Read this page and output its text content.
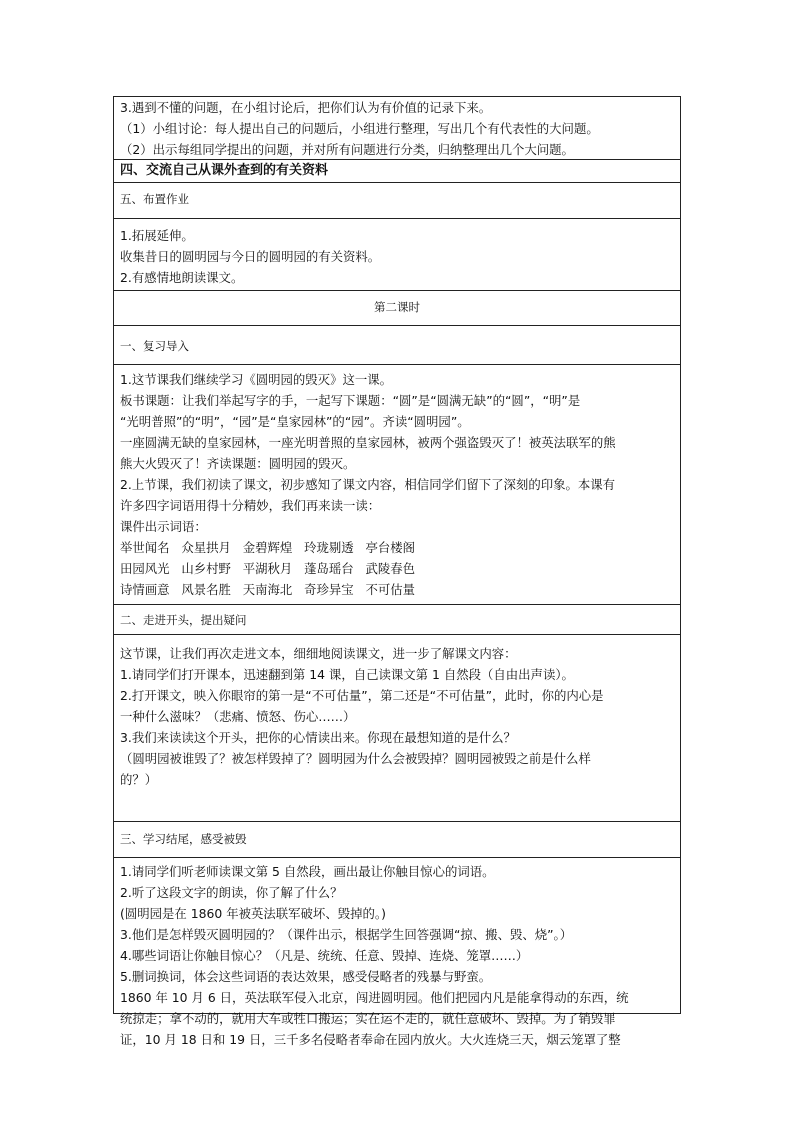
3.遇到不懂的问题，在小组讨论后，把你们认为有价值的记录下来。

（1）小组讨论：每人提出自己的问题后，小组进行整理，写出几个有代表性的大问题。

（2）出示每组同学提出的问题，并对所有问题进行分类，归纳整理出几个大问题。

四、交流自己从课外查到的有关资料

五、布置作业

1.拓展延伸。

收集昔日的圆明园与今日的圆明园的有关资料。

2.有感情地朗读课文。

第二课时

一、复习导入

1.这节课我们继续学习《圆明园的毁灭》这一课。

板书课题：让我们举起写字的手，一起写下课题：“圆”是“圆满无缺”的“圆”，“明”是

“光明普照”的“明”，“园”是“皇家园林”的“园”。齐读“圆明园”。

一座圆满无缺的皇家园林，一座光明普照的皇家园林，被两个强盗毁灭了！被英法联军的熊

熊大火毁灭了！齐读课题：圆明园的毁灭。

2.上节课，我们初读了课文，初步感知了课文内容，相信同学们留下了深刻的印象。本课有

许多四字词语用得十分精妙，我们再来读一读：

课件出示词语：

举世闻名   众星拱月   金碧辉煌   玲珑剔透   亭台楼阁

田园风光   山乡村野   平湖秋月   蓬岛瑶台   武陵春色

诗情画意   风景名胜   天南海北   奇珍异宝   不可估量

二、走进开头，提出疑问

这节课，让我们再次走进文本，细细地阅读课文，进一步了解课文内容：

1.请同学们打开课本，迅速翻到第 14 课，自己读课文第 1 自然段（自由出声读）。

2.打开课文，映入你眼帘的第一是“不可估量”，第二还是“不可估量”，此时，你的内心是

一种什么滋味？（悲痛、愤怒、伤心……）

3.我们来读读这个开头，把你的心情读出来。你现在最想知道的是什么？

（圆明园被谁毁了？被怎样毁掉了？圆明园为什么会被毁掉？圆明园被毁之前是什么样

的？）

三、学习结尾，感受被毁

1.请同学们听老师读课文第 5 自然段，画出最让你触目惊心的词语。

2.听了这段文字的朗读，你了解了什么？

(圆明园是在 1860 年被英法联军破坏、毁掉的。)

3.他们是怎样毁灭圆明园的？（课件出示，根据学生回答强调“掠、搬、毁、烧”。）

4.哪些词语让你触目惊心？（凡是、统统、任意、毁掉、连烧、笼罩……）

5.删词换词，体会这些词语的表达效果，感受侵略者的残暴与野蛮。

1860 年 10 月 6 日，英法联军侵入北京，闯进圆明园。他们把园内凡是能拿得动的东西，统

统掠走；拿不动的，就用大车或牲口搬运；实在运不走的，就任意破坏、毁掉。为了销毁罪

证，10 月 18 日和 19 日，三千多名侵略者奉命在园内放火。大火连烧三天，烟云笼罩了整
